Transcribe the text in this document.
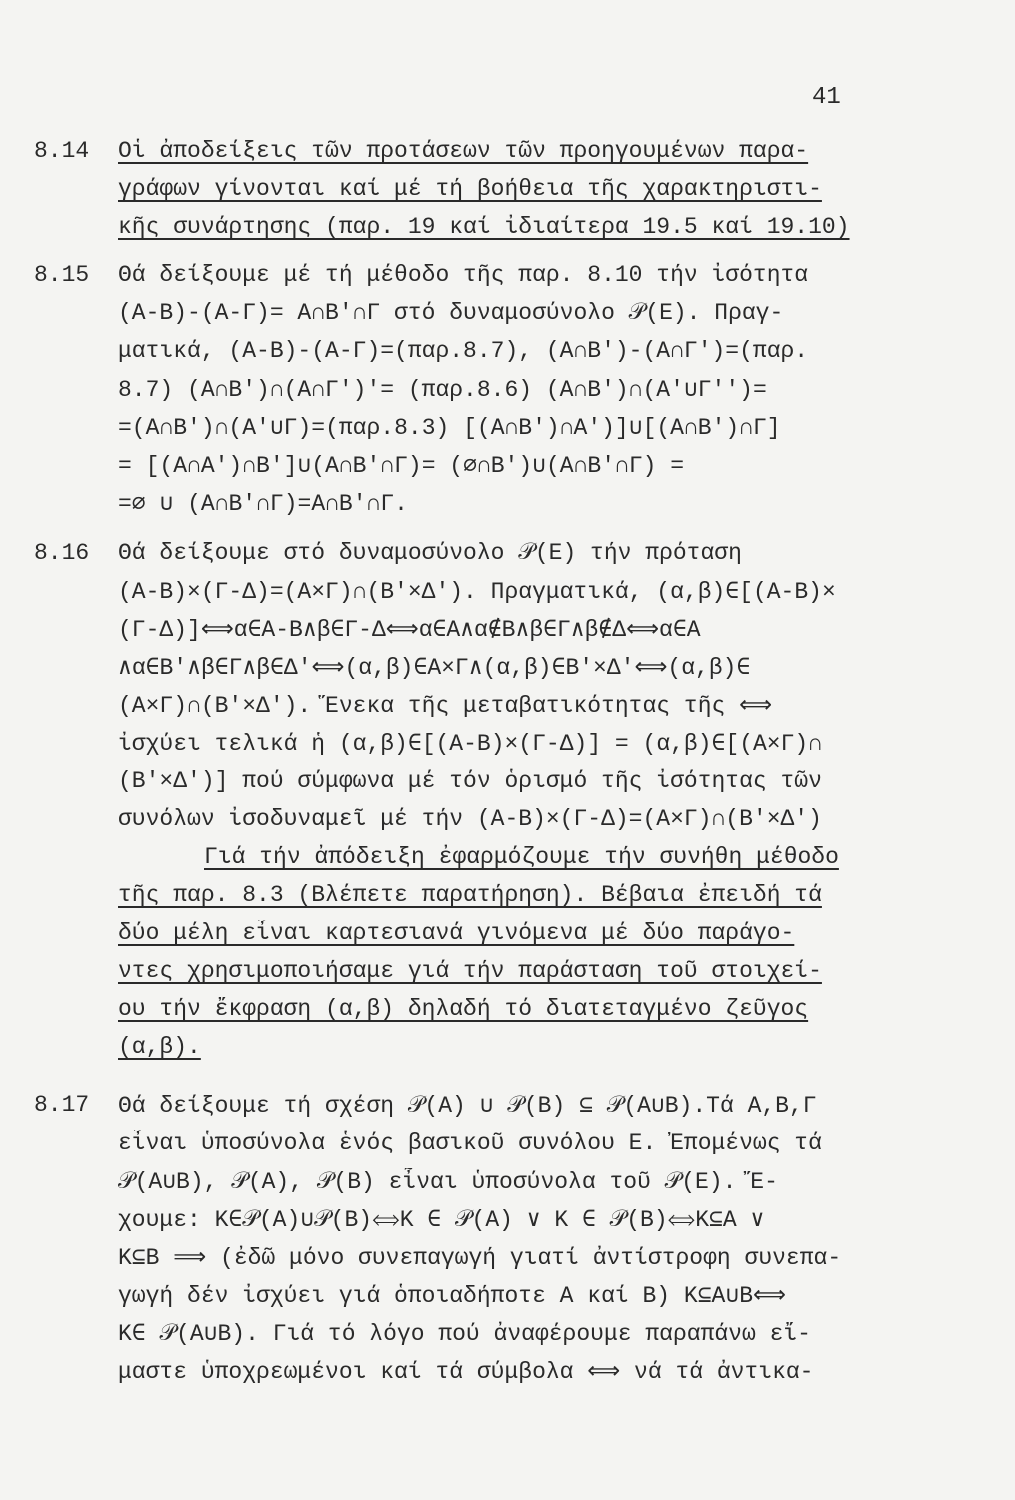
41
8.14 Οἱ ἀποδείξεις τῶν προτάσεων τῶν προηγουμένων παρα-
γράφων γίνονται καί μέ τή βοήθεια τῆς χαρακτηριστι-
κῆς συνάρτησης (παρ. 19 καί ἰδιαίτερα 19.5 καί 19.10)
8.15 Θά δείξουμε μέ τή μέθοδο τῆς παρ. 8.10 τήν ἰσότητα
(Α-Β)-(Α-Γ)= Α∩Β′∩Γ στό δυναμοσύνολο 𝒫(Ε). Πραγ-
ματικά, (Α-Β)-(Α-Γ)=(παρ.8.7), (Α∩Β′)-(Α∩Γ′)=(παρ.
8.7) (Α∩Β′)∩(Α∩Γ′)′= (παρ.8.6) (Α∩Β′)∩(Α′∪Γ′′)=
=(Α∩Β′)∩(Α′∪Γ)=(παρ.8.3) [(Α∩Β′)∩Α′)]∪[(Α∩Β′)∩Γ]
= [(Α∩Α′)∩Β′]∪(Α∩Β′∩Γ)= (∅∩Β′)∪(Α∩Β′∩Γ) =
=∅ ∪ (Α∩Β′∩Γ)=Α∩Β′∩Γ.
8.16 Θά δείξουμε στό δυναμοσύνολο 𝒫(Ε) τήν πρόταση
(Α-Β)×(Γ-Δ)=(Α×Γ)∩(Β′×Δ′). Πραγματικά, (α,β)∈[(Α-Β)×
(Γ-Δ)]⟺α∈Α-Β∧β∈Γ-Δ⟺α∈Α∧α∉Β∧β∈Γ∧β∉Δ⟺α∈Α
∧α∈Β′∧β∈Γ∧β∈Δ′⟺(α,β)∈Α×Γ∧(α,β)∈Β′×Δ′⟺(α,β)∈
(Α×Γ)∩(Β′×Δ′). Ἕνεκα τῆς μεταβατικότητας τῆς ⟺
ἰσχύει τελικά ἡ (α,β)∈[(Α-Β)×(Γ-Δ)] = (α,β)∈[(Α×Γ)∩
(Β′×Δ′)] πού σύμφωνα μέ τόν ὁρισμό τῆς ἰσότητας τῶν
συνόλων ἰσοδυναμεῖ μέ τήν (Α-Β)×(Γ-Δ)=(Α×Γ)∩(Β′×Δ′)
Γιά τήν ἀπόδειξη ἐφαρμόζουμε τήν συνήθη μέθοδο
τῆς παρ. 8.3 (Βλέπετε παρατήρηση). Βέβαια ἐπειδή τά
δύο μέλη εἶναι καρτεσιανά γινόμενα μέ δύο παράγο-
ντες χρησιμοποιήσαμε γιά τήν παράσταση τοῦ στοιχεί-
ου τήν ἔκφραση (α,β) δηλαδή τό διατεταγμένο ζεῦγος
(α,β).
8.17 Θά δείξουμε τή σχέση 𝒫(Α) ∪ 𝒫(Β) ⊆ 𝒫(Α∪Β).Τά Α,Β,Γ
εἶναι ὑποσύνολα ἑνός βασικοῦ συνόλου Ε. Ἐπομένως τά
𝒫(Α∪Β), 𝒫(Α), 𝒫(Β) εἶναι ὑποσύνολα τοῦ 𝒫(Ε). Ἔ-
χουμε: Κ∈𝒫(Α)∪𝒫(Β)⟺Κ ∈ 𝒫(Α) ∨ Κ ∈ 𝒫(Β)⟺Κ⊆Α ∨
Κ⊆Β ⟹ (ἐδῶ μόνο συνεπαγωγή γιατί ἀντίστροφη συνεπα-
γωγή δέν ἰσχύει γιά ὁποιαδήποτε Α καί Β) Κ⊆Α∪Β⟺
Κ∈ 𝒫(Α∪Β). Γιά τό λόγο πού ἀναφέρουμε παραπάνω εἴ-
μαστε ὑποχρεωμένοι καί τά σύμβολα ⟺ νά τά ἀντικα-
